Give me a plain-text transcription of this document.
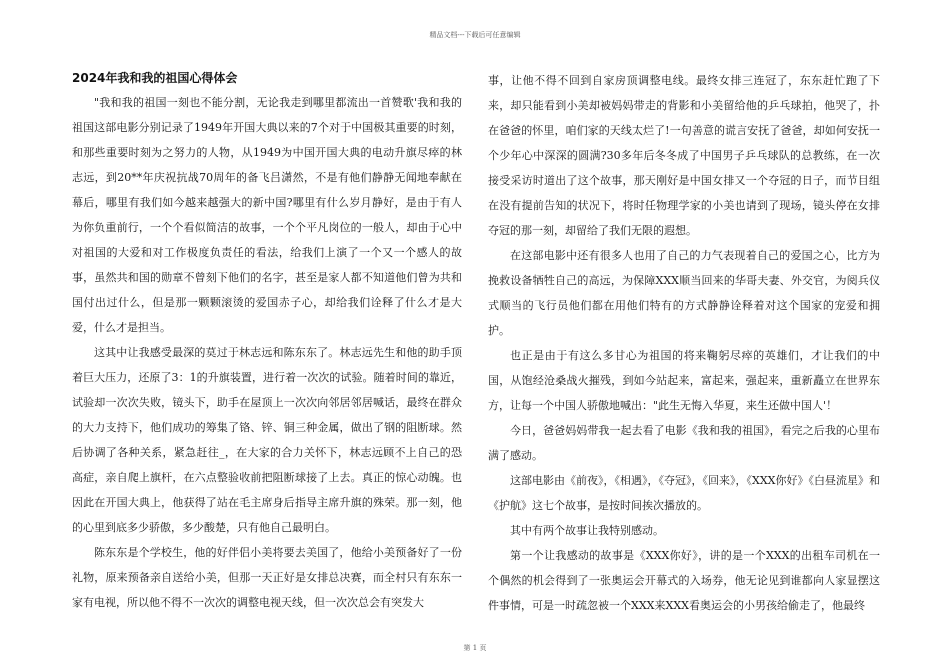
精品文档---下载后可任意编辑
2024年我和我的祖国心得体会

"我和我的祖国一刻也不能分割，无论我走到哪里都流出一首赞歌'我和我的祖国这部电影分别记录了1949年开国大典以来的7个对于中国极其重要的时刻，和那些重要时刻为之努力的人物，从1949为中国开国大典的电动升旗尽瘁的林志远，到20**年庆祝抗战70周年的备飞吕潇然，不是有他们静静无闻地奉献在幕后，哪里有我们如今越来越强大的新中国?哪里有什么岁月静好，是由于有人为你负重前行，一个个看似简洁的故事，一个个平凡岗位的一般人，却由于心中对祖国的大爱和对工作极度负责任的看法，给我们上演了一个又一个感人的故事，虽然共和国的勋章不曾刻下他们的名字，甚至是家人都不知道他们曾为共和国付出过什么，但是那一颗颗滚烫的爱国赤子心，却给我们诠释了什么才是大爱，什么才是担当。

这其中让我感受最深的莫过于林志远和陈东东了。林志远先生和他的助手顶着巨大压力，还原了3：1的升旗装置，进行着一次次的试验。随着时间的靠近，试验却一次次失败，镜头下，助手在屋顶上一次次向邻居邻居喊话，最终在群众的大力支持下，他们成功的筹集了铬、锌、铜三种金属，做出了钢的阻断球。然后协调了各种关系，紧急赶往_，在大家的合力关怀下，林志远顾不上自己的恐高症，亲自爬上旗杆，在六点整验收前把阻断球接了上去。真正的惊心动魄。也因此在开国大典上，他获得了站在毛主席身后指导主席升旗的殊荣。那一刻，他的心里到底多少骄傲，多少酸楚，只有他自己最明白。

陈东东是个学校生，他的好伴侣小美将要去美国了，他给小美预备好了一份礼物，原来预备亲自送给小美，但那一天正好是女排总决赛，而全村只有东东一家有电视，所以他不得不一次次的调整电视天线，但一次次总会有突发大

事，让他不得不回到自家房顶调整电线。最终女排三连冠了，东东赶忙跑了下来，却只能看到小美却被妈妈带走的背影和小美留给他的乒乓球拍，他哭了，扑在爸爸的怀里，咱们家的天线太烂了!一句善意的谎言安抚了爸爸，却如何安抚一个少年心中深深的圆满?30多年后冬冬成了中国男子乒乓球队的总教练，在一次接受采访时道出了这个故事，那天刚好是中国女排又一个夺冠的日子，而节目组在没有提前告知的状况下，将时任物理学家的小美也请到了现场，镜头停在女排夺冠的那一刻，却留给了我们无限的遐想。

在这部电影中还有很多人也用了自己的力气表现着自己的爱国之心，比方为挽救设备牺牲自己的高远，为保障XXX顺当回来的华哥夫妻、外交官，为阅兵仪式顺当的飞行员他们都在用他们特有的方式静静诠释着对这个国家的宠爱和拥护。

也正是由于有这么多甘心为祖国的将来鞠躬尽瘁的英雄们，才让我们的中国，从饱经沧桑战火摧残，到如今站起来，富起来，强起来，重新矗立在世界东方，让每一个中国人骄傲地喊出："此生无悔入华夏，来生还做中国人'！

今日，爸爸妈妈带我一起去看了电影《我和我的祖国》，看完之后我的心里布满了感动。

这部电影由《前夜》，《相遇》，《夺冠》，《回来》，《XXX你好》《白昼流星》和《护航》这七个故事，是按时间挨次播放的。

其中有两个故事让我特别感动。

第一个让我感动的故事是《XXX你好》，讲的是一个XXX的出租车司机在一个偶然的机会得到了一张奥运会开幕式的入场券，他无论见到谁都向人家显摆这件事情，可是一时疏忽被一个XXX来XXX看奥运会的小男孩给偷走了，他最终

第 1 页
